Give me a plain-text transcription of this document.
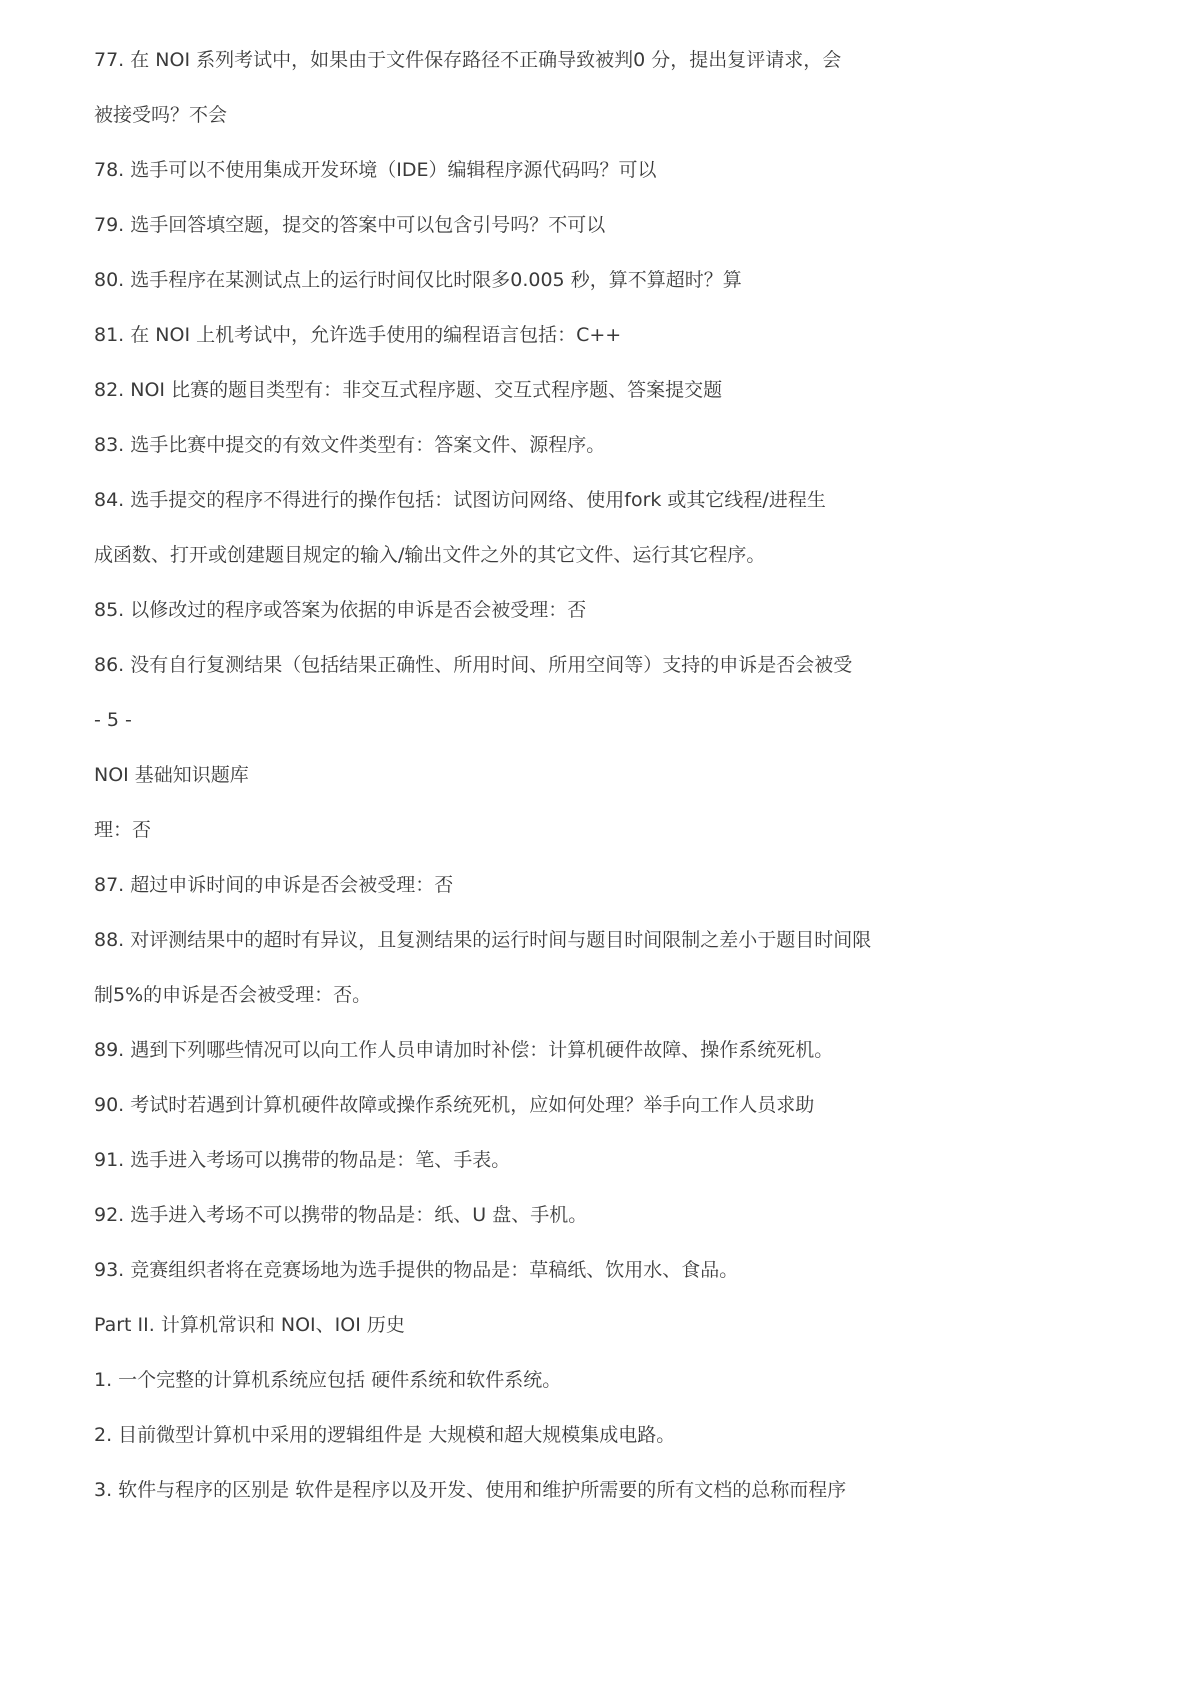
77. 在 NOI 系列考试中，如果由于文件保存路径不正确导致被判0 分，提出复评请求，会

被接受吗？不会

78. 选手可以不使用集成开发环境（IDE）编辑程序源代码吗？可以

79. 选手回答填空题，提交的答案中可以包含引号吗？不可以

80. 选手程序在某测试点上的运行时间仅比时限多0.005 秒，算不算超时？算

81. 在 NOI 上机考试中，允许选手使用的编程语言包括：C++

82. NOI 比赛的题目类型有：非交互式程序题、交互式程序题、答案提交题

83. 选手比赛中提交的有效文件类型有：答案文件、源程序。

84. 选手提交的程序不得进行的操作包括：试图访问网络、使用fork 或其它线程/进程生

成函数、打开或创建题目规定的输入/输出文件之外的其它文件、运行其它程序。

85. 以修改过的程序或答案为依据的申诉是否会被受理：否

86. 没有自行复测结果（包括结果正确性、所用时间、所用空间等）支持的申诉是否会被受

- 5 -

NOI 基础知识题库

理：否

87. 超过申诉时间的申诉是否会被受理：否

88. 对评测结果中的超时有异议，且复测结果的运行时间与题目时间限制之差小于题目时间限

制5%的申诉是否会被受理：否。

89. 遇到下列哪些情况可以向工作人员申请加时补偿：计算机硬件故障、操作系统死机。

90. 考试时若遇到计算机硬件故障或操作系统死机，应如何处理？举手向工作人员求助

91. 选手进入考场可以携带的物品是：笔、手表。

92. 选手进入考场不可以携带的物品是：纸、U 盘、手机。

93. 竞赛组织者将在竞赛场地为选手提供的物品是：草稿纸、饮用水、食品。

Part II. 计算机常识和 NOI、IOI 历史

1. 一个完整的计算机系统应包括 硬件系统和软件系统。

2. 目前微型计算机中采用的逻辑组件是 大规模和超大规模集成电路。

3. 软件与程序的区别是 软件是程序以及开发、使用和维护所需要的所有文档的总称而程序
